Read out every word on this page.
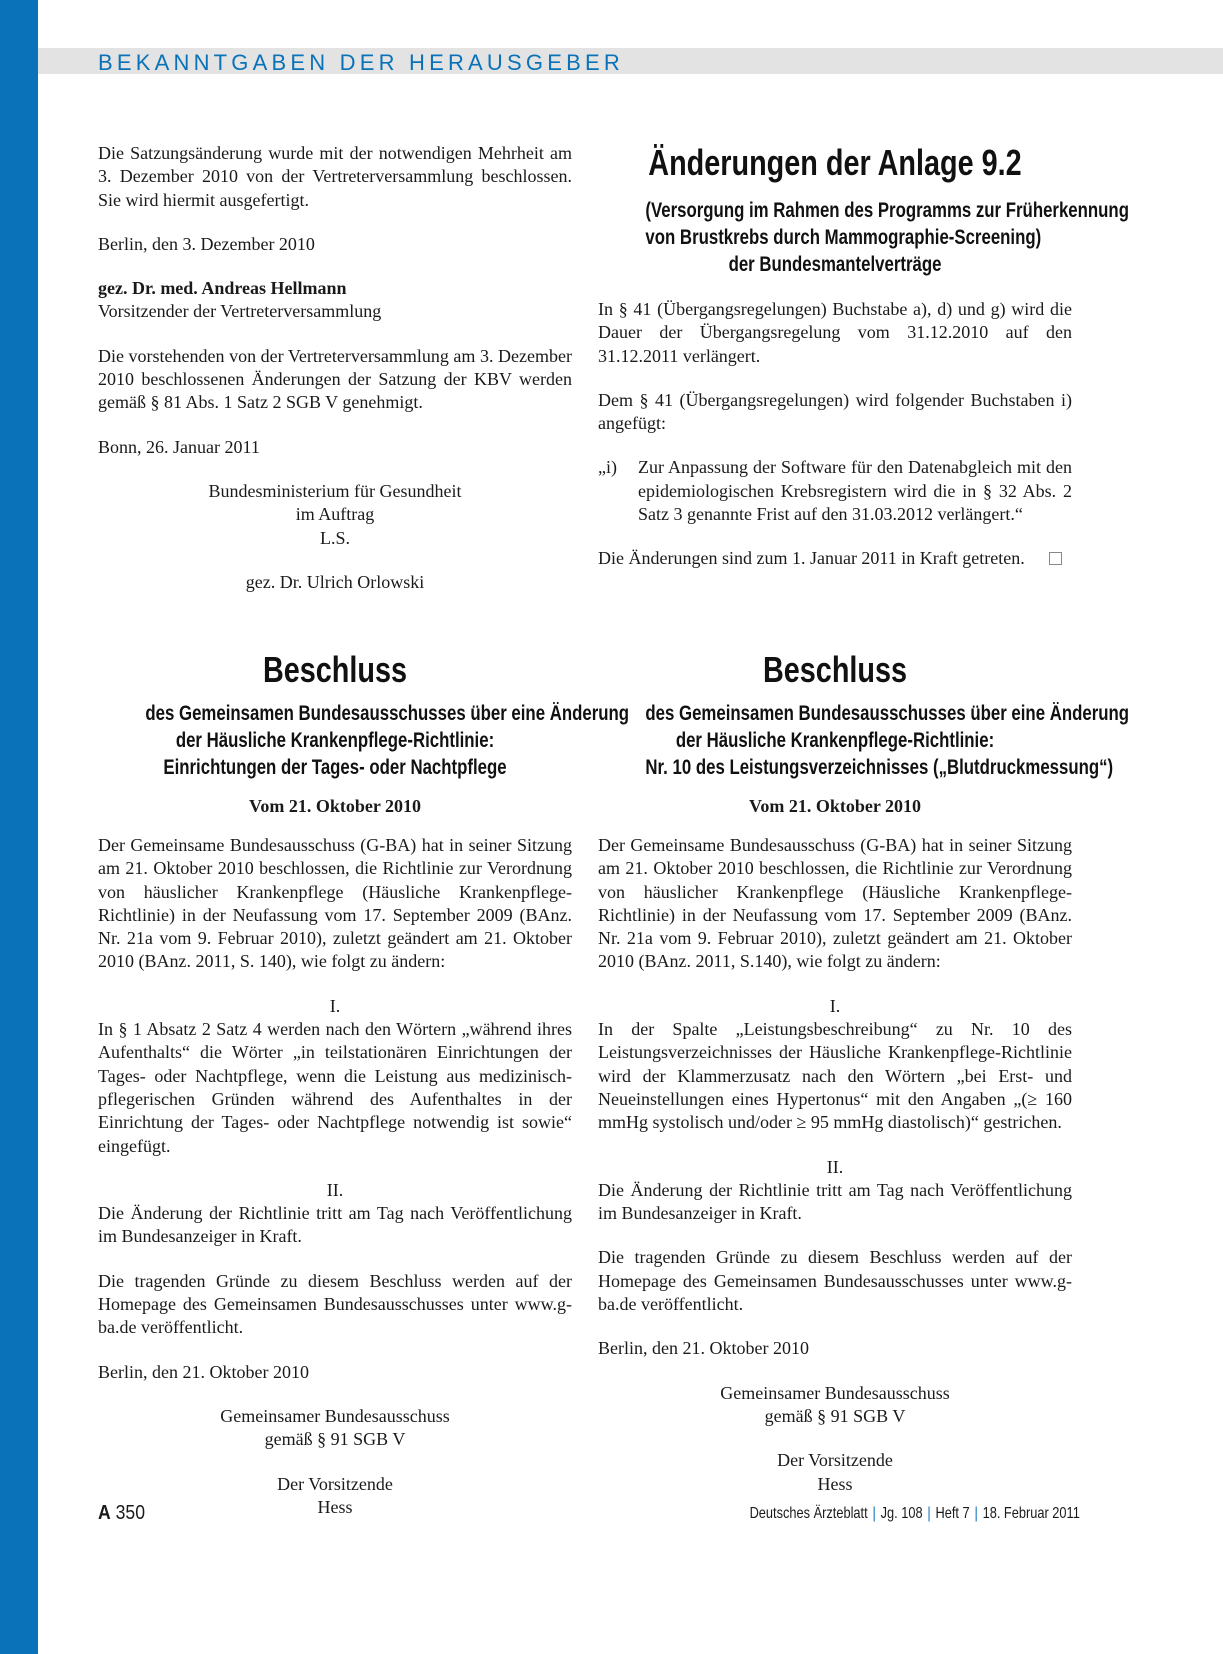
BEKANNTGABEN DER HERAUSGEBER

Die Satzungsänderung wurde mit der notwendigen Mehrheit am 3. Dezember 2010 von der Vertreterversammlung beschlossen. Sie wird hiermit ausgefertigt.

Berlin, den 3. Dezember 2010

gez. Dr. med. Andreas Hellmann

Vorsitzender der Vertreterversammlung

Die vorstehenden von der Vertreterversammlung am 3. Dezember 2010 beschlossenen Änderungen der Satzung der KBV werden gemäß § 81 Abs. 1 Satz 2 SGB V genehmigt.

Bonn, 26. Januar 2011

Bundesministerium für Gesundheit

im Auftrag

L.S.

gez. Dr. Ulrich Orlowski

Änderungen der Anlage 9.2

(Versorgung im Rahmen des Programms zur Früherkennung

von Brustkrebs durch Mammographie-Screening)

der Bundesmantelverträge

In § 41 (Übergangsregelungen) Buchstabe a), d) und g) wird die Dauer der Übergangsregelung vom 31.12.2010 auf den 31.12.2011 verlängert.

Dem § 41 (Übergangsregelungen) wird folgender Buchstaben i) angefügt:

„i)	Zur Anpassung der Software für den Datenabgleich mit den epidemiologischen Krebsregistern wird die in § 32 Abs. 2 Satz 3 genannte Frist auf den 31.03.2012 verlängert.“

Die Änderungen sind zum 1. Januar 2011 in Kraft getreten.

Beschluss

des Gemeinsamen Bundesausschusses über eine Änderung

der Häusliche Krankenpflege-Richtlinie:

Einrichtungen der Tages- oder Nachtpflege

Vom 21. Oktober 2010

Der Gemeinsame Bundesausschuss (G-BA) hat in seiner Sitzung am 21. Oktober 2010 beschlossen, die Richtlinie zur Verordnung von häuslicher Krankenpflege (Häusliche Krankenpflege-Richtlinie) in der Neufassung vom 17. September 2009 (BAnz. Nr. 21a vom 9. Februar 2010), zuletzt geändert am 21. Oktober 2010 (BAnz. 2011, S. 140), wie folgt zu ändern:

I.

In § 1 Absatz 2 Satz 4 werden nach den Wörtern „während ihres Aufenthalts“ die Wörter „in teilstationären Einrichtungen der Tages- oder Nachtpflege, wenn die Leistung aus medizinisch-pflegerischen Gründen während des Aufenthaltes in der Einrichtung der Tages- oder Nachtpflege notwendig ist sowie“ eingefügt.

II.

Die Änderung der Richtlinie tritt am Tag nach Veröffentlichung im Bundesanzeiger in Kraft.

Die tragenden Gründe zu diesem Beschluss werden auf der Homepage des Gemeinsamen Bundesausschusses unter www.g-ba.de veröffentlicht.

Berlin, den 21. Oktober 2010

Gemeinsamer Bundesausschuss

gemäß § 91 SGB V

Der Vorsitzende

Hess

Beschluss

des Gemeinsamen Bundesausschusses über eine Änderung

der Häusliche Krankenpflege-Richtlinie:

Nr. 10 des Leistungsverzeichnisses („Blutdruckmessung“)

Vom 21. Oktober 2010

Der Gemeinsame Bundesausschuss (G-BA) hat in seiner Sitzung am 21. Oktober 2010 beschlossen, die Richtlinie zur Verordnung von häuslicher Krankenpflege (Häusliche Krankenpflege-Richtlinie) in der Neufassung vom 17. September 2009 (BAnz. Nr. 21a vom 9. Februar 2010), zuletzt geändert am 21. Oktober 2010 (BAnz. 2011, S.140), wie folgt zu ändern:

I.

In der Spalte „Leistungsbeschreibung“ zu Nr. 10 des Leistungsverzeichnisses der Häusliche Krankenpflege-Richtlinie wird der Klammerzusatz nach den Wörtern „bei Erst- und Neueinstellungen eines Hypertonus“ mit den Angaben „(≥ 160 mmHg systolisch und/oder ≥ 95 mmHg diastolisch)“ gestrichen.

II.

Die Änderung der Richtlinie tritt am Tag nach Veröffentlichung im Bundesanzeiger in Kraft.

Die tragenden Gründe zu diesem Beschluss werden auf der Homepage des Gemeinsamen Bundesausschusses unter www.g-ba.de veröffentlicht.

Berlin, den 21. Oktober 2010

Gemeinsamer Bundesausschuss

gemäß § 91 SGB V

Der Vorsitzende

Hess

A 350	Deutsches Ärzteblatt | Jg. 108 | Heft 7 | 18. Februar 2011
